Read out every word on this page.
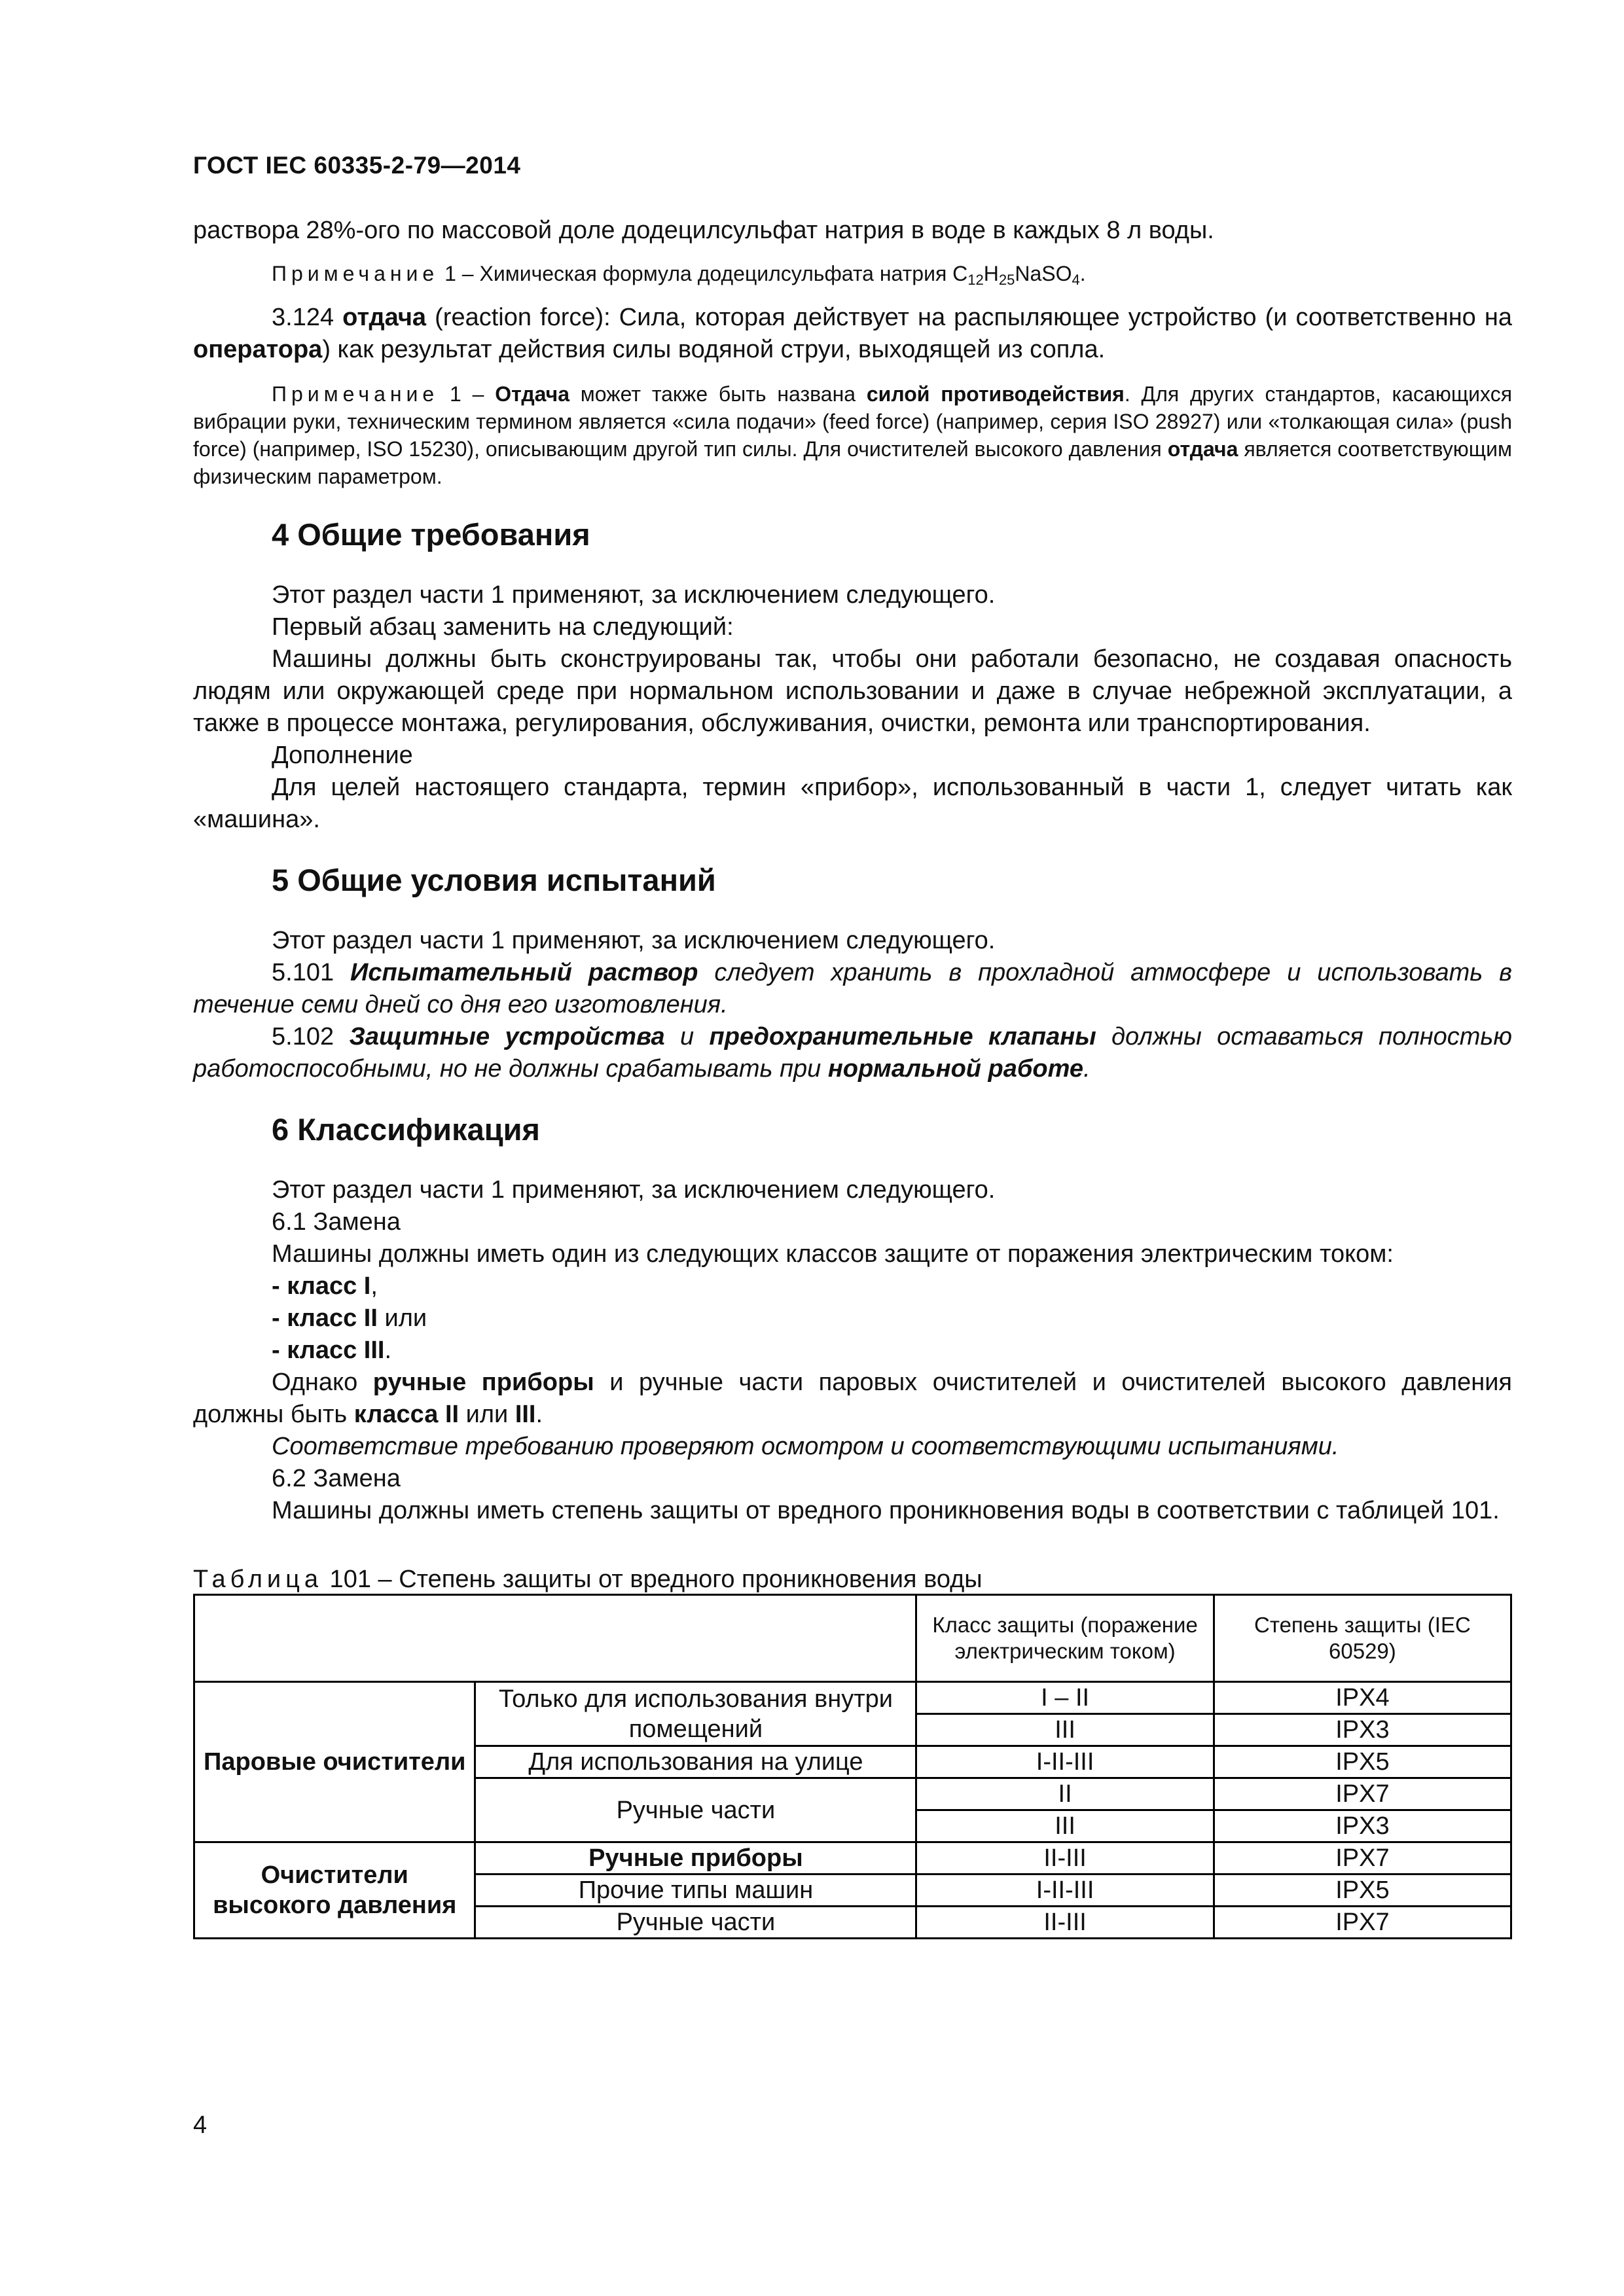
ГОСТ IEC 60335-2-79—2014

раствора 28%-ого по массовой доле додецилсульфат натрия в воде в каждых 8 л воды.

Примечание 1 – Химическая формула додецилсульфата натрия $C_{12}H_{25}NaSO_4$.

3.124 отдача (reaction force): Сила, которая действует на распыляющее устройство (и соответственно на оператора) как результат действия силы водяной струи, выходящей из сопла.

Примечание 1 – Отдача может также быть названа силой противодействия. Для других стандартов, касающихся вибрации руки, техническим термином является «сила подачи» (feed force) (например, серия ISO 28927) или «толкающая сила» (push force) (например, ISO 15230), описывающим другой тип силы. Для очистителей высокого давления отдача является соответствующим физическим параметром.

4 Общие требования

Этот раздел части 1 применяют, за исключением следующего.

Первый абзац заменить на следующий:

Машины должны быть сконструированы так, чтобы они работали безопасно, не создавая опасность людям или окружающей среде при нормальном использовании и даже в случае небрежной эксплуатации, а также в процессе монтажа, регулирования, обслуживания, очистки, ремонта или транспортирования.

Дополнение

Для целей настоящего стандарта, термин «прибор», использованный в части 1, следует читать как «машина».

5 Общие условия испытаний

Этот раздел части 1 применяют, за исключением следующего.

5.101 Испытательный раствор следует хранить в прохладной атмосфере и использовать в течение семи дней со дня его изготовления.

5.102 Защитные устройства и предохранительные клапаны должны оставаться полностью работоспособными, но не должны срабатывать при нормальной работе.

6 Классификация

Этот раздел части 1 применяют, за исключением следующего.

6.1 Замена

Машины должны иметь один из следующих классов защите от поражения электрическим током:

- класс I,

- класс II или

- класс III.

Однако ручные приборы и ручные части паровых очистителей и очистителей высокого давления должны быть класса II или III.

Соответствие требованию проверяют осмотром и соответствующими испытаниями.

6.2 Замена

Машины должны иметь степень защиты от вредного проникновения воды в соответствии с таблицей 101.

Таблица 101 – Степень защиты от вредного проникновения воды
		Класс защиты (поражение электрическим током)	Степень защиты (IEC 60529)
Паровые очистители	Только для использования внутри помещений	I – II	IPX4
		III	IPX3
	Для использования на улице	I-II-III	IPX5
	Ручные части	II	IPX7
		III	IPX3
Очистители высокого давления	Ручные приборы	II-III	IPX7
	Прочие типы машин	I-II-III	IPX5
	Ручные части	II-III	IPX7
4
